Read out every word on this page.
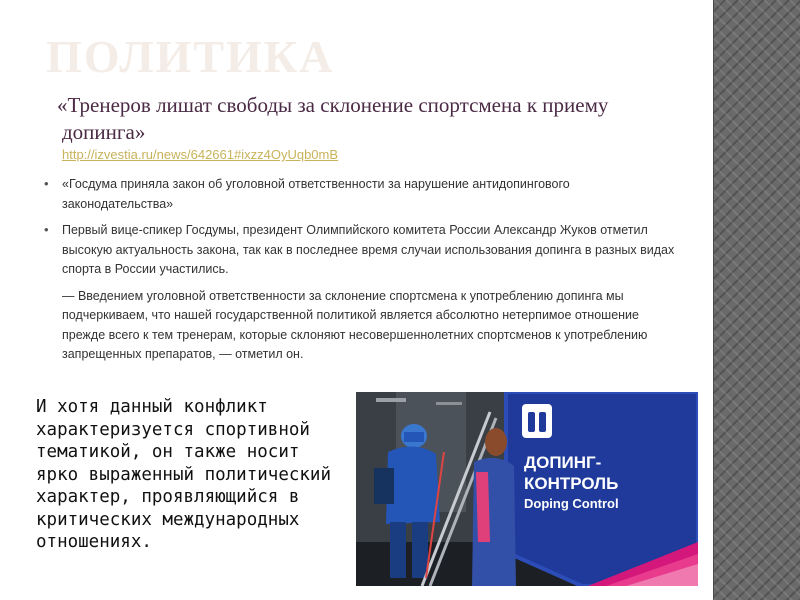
ПОЛИТИКА

«Тренеров лишат свободы за склонение спортсмена к приему допинга»

http://izvestia.ru/news/642661#ixzz4OyUqb0mB
• «Госдума приняла закон об уголовной ответственности за нарушение антидопингового законодательства»
• Первый вице-спикер Госдумы, президент Олимпийского комитета России Александр Жуков отметил высокую актуальность закона, так как в последнее время случаи использования допинга в разных видах спорта в России участились.
— Введением уголовной ответственности за склонение спортсмена к употреблению допинга мы подчеркиваем, что нашей государственной политикой является абсолютно нетерпимое отношение прежде всего к тем тренерам, которые склоняют несовершеннолетних спортсменов к употреблению запрещенных препаратов, — отметил он.

И хотя данный конфликт характеризуется спортивной тематикой, он также носит ярко выраженный политический характер, проявляющийся в критических международных отношениях.

ДОПИНГ-
КОНТРОЛЬ
Doping Control
